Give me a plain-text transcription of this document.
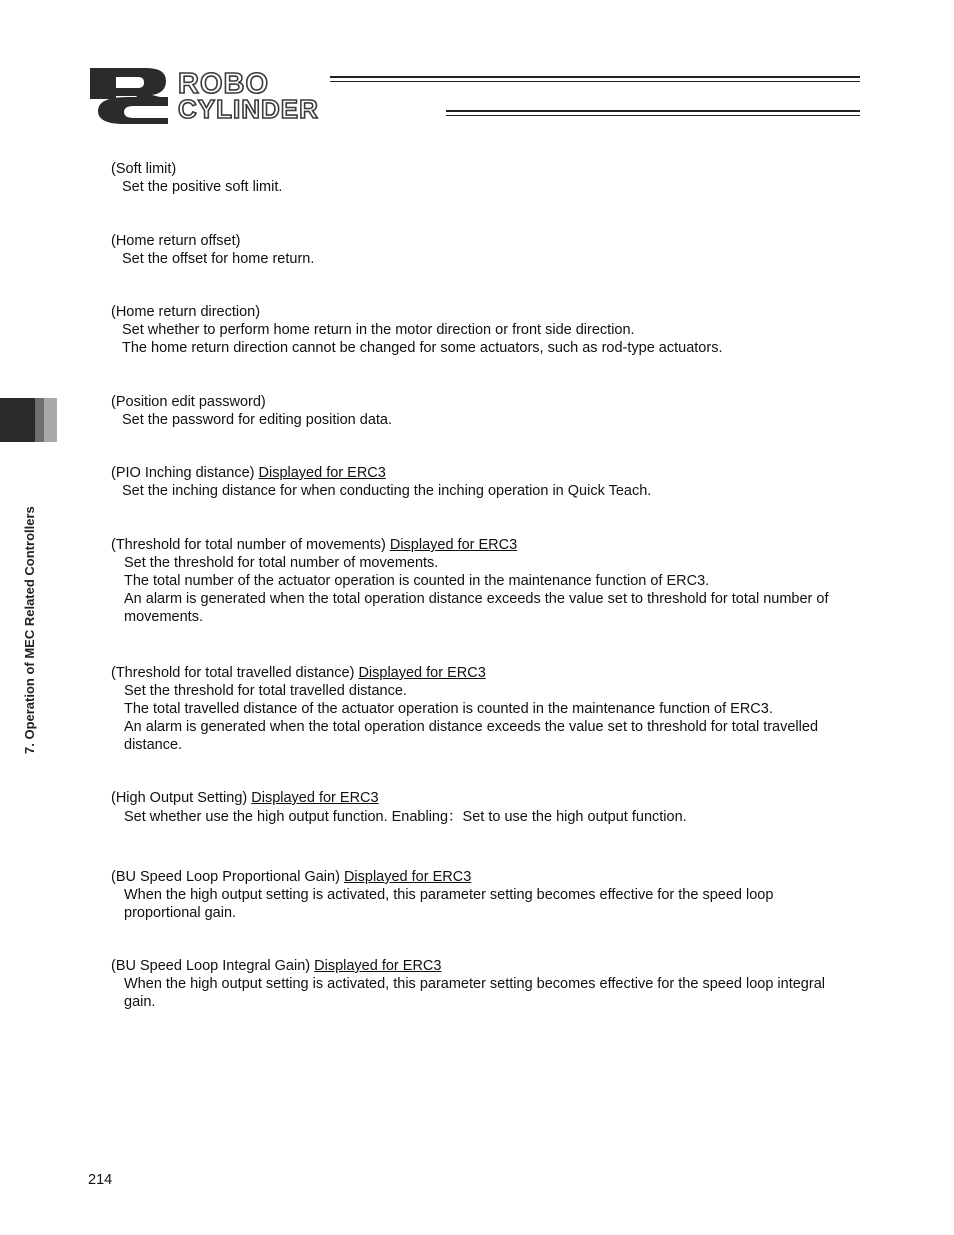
ROBO
CYLINDER
7. Operation of MEC Related Controllers

(Soft limit)

Set the positive soft limit.

(Home return offset)

Set the offset for home return.

(Home return direction)

Set whether to perform home return in the motor direction or front side direction.

The home return direction cannot be changed for some actuators, such as rod-type actuators.

(Position edit password)

Set the password for editing position data.

(PIO Inching distance) Displayed for ERC3

Set the inching distance for when conducting the inching operation in Quick Teach.

(Threshold for total number of movements) Displayed for ERC3

Set the threshold for total number of movements.

The total number of the actuator operation is counted in the maintenance function of ERC3.

An alarm is generated when the total operation distance exceeds the value set to threshold for total number of movements.

(Threshold for total travelled distance) Displayed for ERC3

Set the threshold for total travelled distance.

The total travelled distance of the actuator operation is counted in the maintenance function of ERC3.

An alarm is generated when the total operation distance exceeds the value set to threshold for total travelled distance.

(High Output Setting) Displayed for ERC3

Set whether use the high output function. Enabling：Set to use the high output function.

(BU Speed Loop Proportional Gain) Displayed for ERC3

When the high output setting is activated, this parameter setting becomes effective for the speed loop proportional gain.

(BU Speed Loop Integral Gain) Displayed for ERC3

When the high output setting is activated, this parameter setting becomes effective for the speed loop integral gain.

214
